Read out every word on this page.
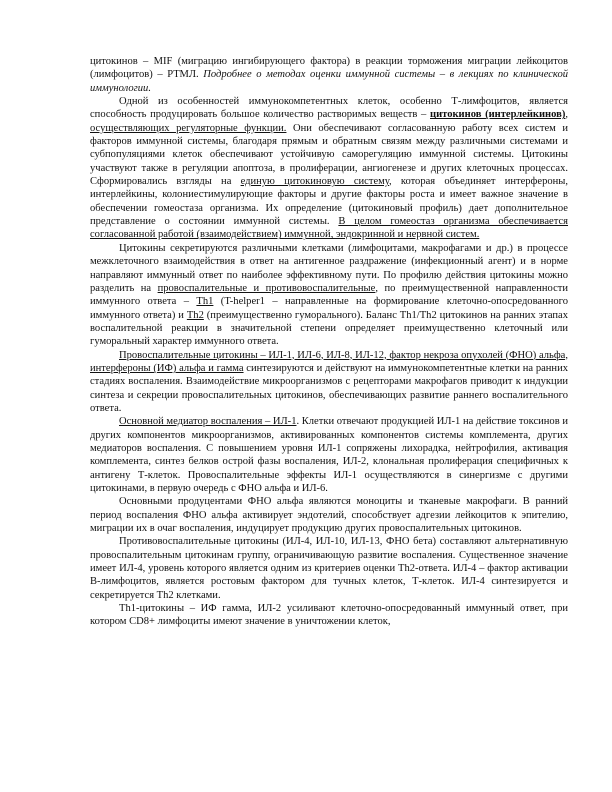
цитокинов – MIF (миграцию ингибирующего фактора) в реакции торможения миграции лейкоцитов (лимфоцитов) – РТМЛ. Подробнее о методах оценки иммунной системы – в лекциях по клинической иммунологии.

Одной из особенностей иммунокомпетентных клеток, особенно Т-лимфоцитов, является способность продуцировать большое количество растворимых веществ – цитокинов (интерлейкинов), осуществляющих регуляторные функции. Они обеспечивают согласованную работу всех систем и факторов иммунной системы, благодаря прямым и обратным связям между различными системами и субпопуляциями клеток обеспечивают устойчивую саморегуляцию иммунной системы. Цитокины участвуют также в регуляции апоптоза, в пролиферации, ангиогенезе и других клеточных процессах. Сформировались взгляды на единую цитокиновую систему, которая объединяет интерфероны, интерлейкины, колониестимулирующие факторы и другие факторы роста и имеет важное значение в обеспечении гомеостаза организма. Их определение (цитокиновый профиль) дает дополнительное представление о состоянии иммунной системы. В целом гомеостаз организма обеспечивается согласованной работой (взаимодействием) иммунной, эндокринной и нервной систем.

Цитокины секретируются различными клетками (лимфоцитами, макрофагами и др.) в процессе межклеточного взаимодействия в ответ на антигенное раздражение (инфекционный агент) и в норме направляют иммунный ответ по наиболее эффективному пути. По профилю действия цитокины можно разделить на провоспалительные и противовоспалительные, по преимущественной направленности иммунного ответа – Th1 (T-helper1 – направленные на формирование клеточно-опосредованного иммунного ответа) и Th2 (преимущественно гуморального). Баланс Th1/Th2 цитокинов на ранних этапах воспалительной реакции в значительной степени определяет преимущественно клеточный или гуморальный характер иммунного ответа.

Провоспалительные цитокины – ИЛ-1, ИЛ-6, ИЛ-8, ИЛ-12, фактор некроза опухолей (ФНО) альфа, интерфероны (ИФ) альфа и гамма синтезируются и действуют на иммунокомпетентные клетки на ранних стадиях воспаления. Взаимодействие микроорганизмов с рецепторами макрофагов приводит к индукции синтеза и секреции провоспалительных цитокинов, обеспечивающих развитие раннего воспалительного ответа.

Основной медиатор воспаления – ИЛ-1. Клетки отвечают продукцией ИЛ-1 на действие токсинов и других компонентов микроорганизмов, активированных компонентов системы комплемента, других медиаторов воспаления. С повышением уровня ИЛ-1 сопряжены лихорадка, нейтрофилия, активация комплемента, синтез белков острой фазы воспаления, ИЛ-2, клональная пролиферация специфичных к антигену Т-клеток. Провоспалительные эффекты ИЛ-1 осуществляются в синергизме с другими цитокинами, в первую очередь с ФНО альфа и ИЛ-6.

Основными продуцентами ФНО альфа являются моноциты и тканевые макрофаги. В ранний период воспаления ФНО альфа активирует эндотелий, способствует адгезии лейкоцитов к эпителию, миграции их в очаг воспаления, индуцирует продукцию других провоспалительных цитокинов.

Противовоспалительные цитокины (ИЛ-4, ИЛ-10, ИЛ-13, ФНО бета) составляют альтернативную провоспалительным цитокинам группу, ограничивающую развитие воспаления. Существенное значение имеет ИЛ-4, уровень которого является одним из критериев оценки Th2-ответа. ИЛ-4 – фактор активации В-лимфоцитов, является ростовым фактором для тучных клеток, Т-клеток. ИЛ-4 синтезируется и секретируется Th2 клетками.

Th1-цитокины – ИФ гамма, ИЛ-2 усиливают клеточно-опосредованный иммунный ответ, при котором CD8+ лимфоциты имеют значение в уничтожении клеток,
